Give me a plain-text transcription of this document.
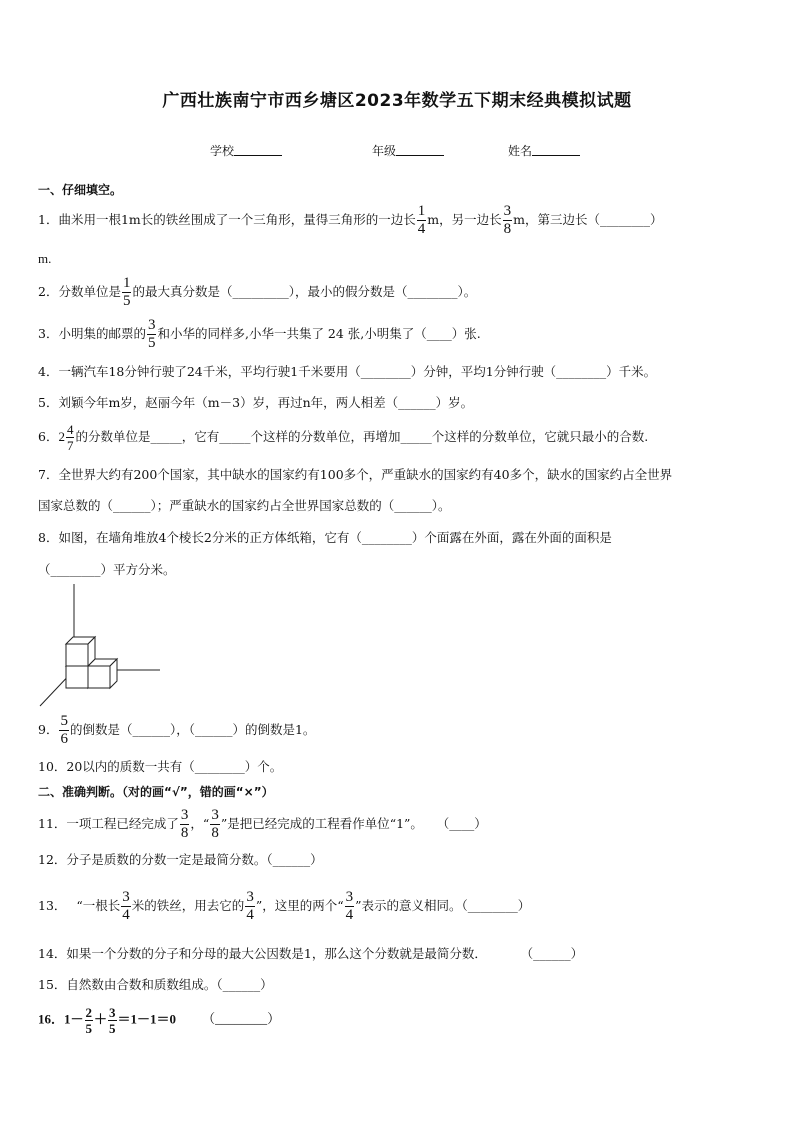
广西壮族南宁市西乡塘区2023年数学五下期末经典模拟试题
学校	年级	姓名
一、仔细填空。
1．曲米用一根1m长的铁丝围成了一个三角形，量得三角形的一边长 $\frac{1}{4}$ m，另一边长 $\frac{3}{8}$ m，第三边长（________）
m.
2．分数单位是 $\frac{1}{5}$ 的最大真分数是（_________），最小的假分数是（________）。
3．小明集的邮票的 $\frac{3}{5}$ 和小华的同样多,小华一共集了 24 张,小明集了（____）张.
4．一辆汽车18分钟行驶了24千米，平均行驶1千米要用（________）分钟，平均1分钟行驶（________）千米。
5．刘颖今年m岁，赵丽今年（m－3）岁，再过n年，两人相差（______）岁。
6．$2 \frac{4}{7}$ 的分数单位是_____，它有_____个这样的分数单位，再增加_____个这样的分数单位，它就只最小的合数.
7．全世界大约有200个国家，其中缺水的国家约有100多个，严重缺水的国家约有40多个，缺水的国家约占全世界
国家总数的（______）；严重缺水的国家约占全世界国家总数的（______）。
8．如图，在墙角堆放4个棱长2分米的正方体纸箱，它有（________）个面露在外面，露在外面的面积是
（________）平方分米。
9． $\frac{5}{6}$ 的倒数是（______），（______）的倒数是1。
10．20以内的质数一共有（________）个。
二、准确判断。（对的画“√”，错的画“×”）
11．一项工程已经完成了 $\frac{3}{8}$ ，“ $\frac{3}{8}$ ”是把已经完成的工程看作单位“1”。 （____）
12．分子是质数的分数一定是最简分数。（______）
13． “一根长 $\frac{3}{4}$ 米的铁丝，用去它的 $\frac{3}{4}$ ”，这里的两个“ $\frac{3}{4}$ ”表示的意义相同。（________）
14．如果一个分数的分子和分母的最大公因数是1，那么这个分数就是最简分数．	（______）
15．自然数由合数和质数组成。（______）
16．$1- \frac{2}{5} + \frac{3}{5} =1-1=0$ （________）
